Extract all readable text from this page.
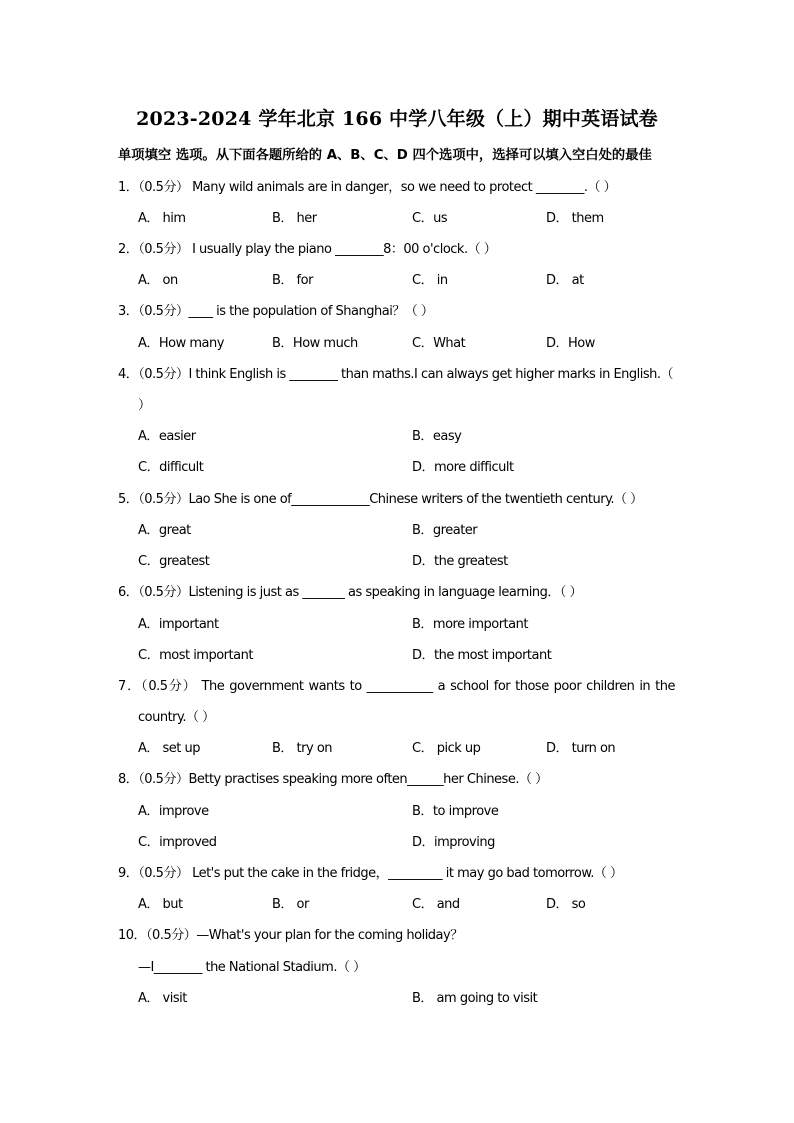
2023-2024 学年北京 166 中学八年级（上）期中英语试卷
单项填空 选项。从下面各题所给的 A、B、C、D 四个选项中，选择可以填入空白处的最佳
1．（0.5分） Many wild animals are in danger，so we need to protect ________.（ ）
A． him	B． her	C．us	D． them
2．（0.5分） I usually play the piano ________8：00 o'clock.（ ）
A． on	B． for	C． in	D． at
3．（0.5分）____ is the population of Shanghai？（ ）
A．How many	B．How much	C．What	D．How
4．（0.5分）I think English is ________ than maths.I can always get higher marks in English.（
）
A．easier	B．easy
C．difficult	D．more difficult
5．（0.5分）Lao She is one of_____________Chinese writers of the twentieth century.（ ）
A．great	B．greater
C．greatest	D．the greatest
6．（0.5分）Listening is just as _______ as speaking in language learning．（ ）
A．important	B．more important
C．most important	D．the most important
7．（0.5分） The government wants to ___________ a school for those poor children in the
country.（ ）
A． set up	B． try on	C． pick up	D． turn on
8．（0.5分）Betty practises speaking more often______her Chinese.（ ）
A．improve	B．to improve
C．improved	D．improving
9．（0.5分） Let's put the cake in the fridge，_________ it may go bad tomorrow.（ ）
A． but	B． or	C． and	D． so
10．（0.5分）—What's your plan for the coming holiday？
—I________ the National Stadium.（ ）
A． visit	B． am going to visit
